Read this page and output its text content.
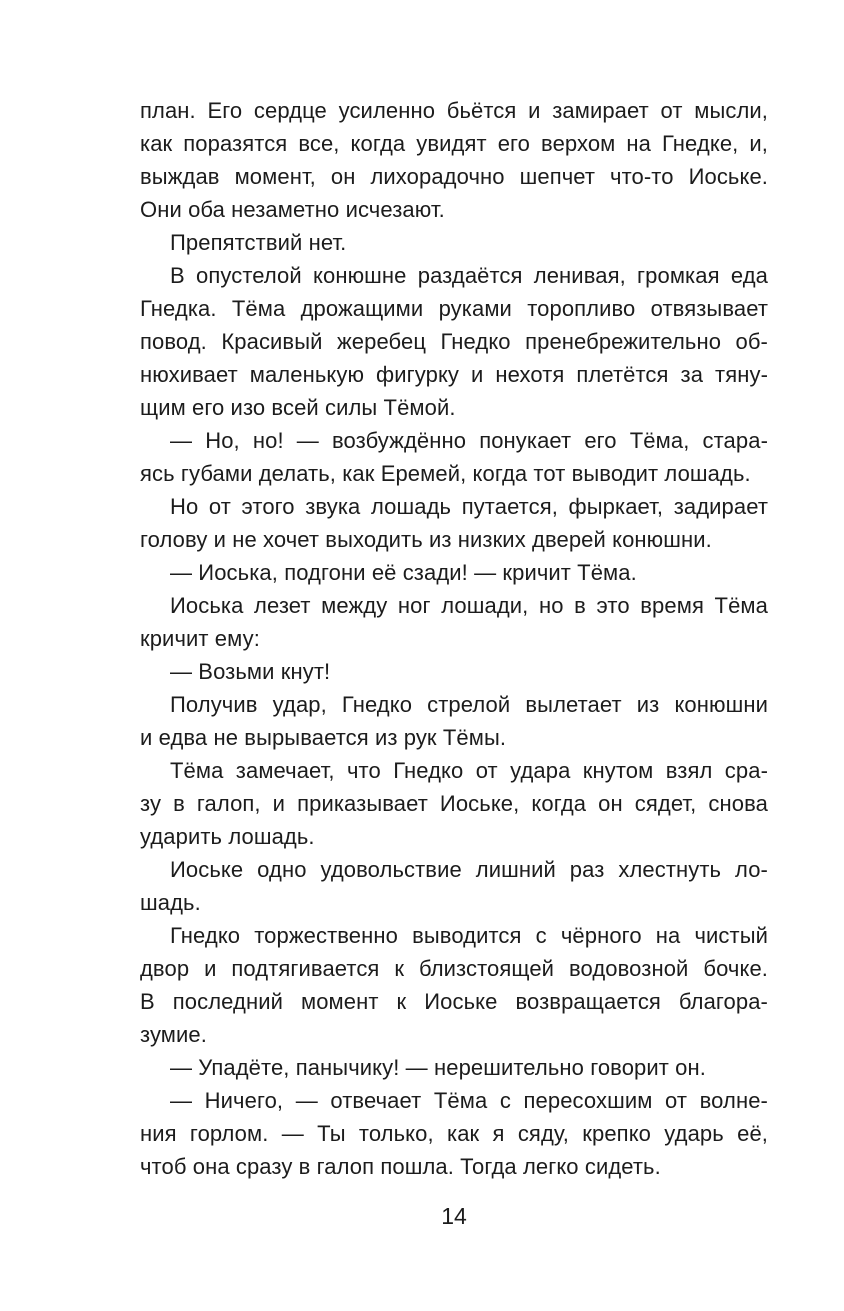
план. Его сердце усиленно бьётся и замирает от мысли,
как поразятся все, когда увидят его верхом на Гнедке, и,
выждав момент, он лихорадочно шепчет что-то Иоське.
Они оба незаметно исчезают.
Препятствий нет.
В опустелой конюшне раздаётся ленивая, громкая еда
Гнедка. Тёма дрожащими руками торопливо отвязывает
повод. Красивый жеребец Гнедко пренебрежительно об-
нюхивает маленькую фигурку и нехотя плетётся за тяну-
щим его изо всей силы Тёмой.
— Но, но! — возбуждённо понукает его Тёма, стара-
ясь губами делать, как Еремей, когда тот выводит лошадь.
Но от этого звука лошадь путается, фыркает, задирает
голову и не хочет выходить из низких дверей конюшни.
— Иоська, подгони её сзади! — кричит Тёма.
Иоська лезет между ног лошади, но в это время Тёма
кричит ему:
— Возьми кнут!
Получив удар, Гнедко стрелой вылетает из конюшни
и едва не вырывается из рук Тёмы.
Тёма замечает, что Гнедко от удара кнутом взял сра-
зу в галоп, и приказывает Иоське, когда он сядет, снова
ударить лошадь.
Иоське одно удовольствие лишний раз хлестнуть ло-
шадь.
Гнедко торжественно выводится с чёрного на чистый
двор и подтягивается к близстоящей водовозной бочке.
В последний момент к Иоське возвращается благора-
зумие.
— Упадёте, панычику! — нерешительно говорит он.
— Ничего, — отвечает Тёма с пересохшим от волне-
ния горлом. — Ты только, как я сяду, крепко ударь её,
чтоб она сразу в галоп пошла. Тогда легко сидеть.
14
